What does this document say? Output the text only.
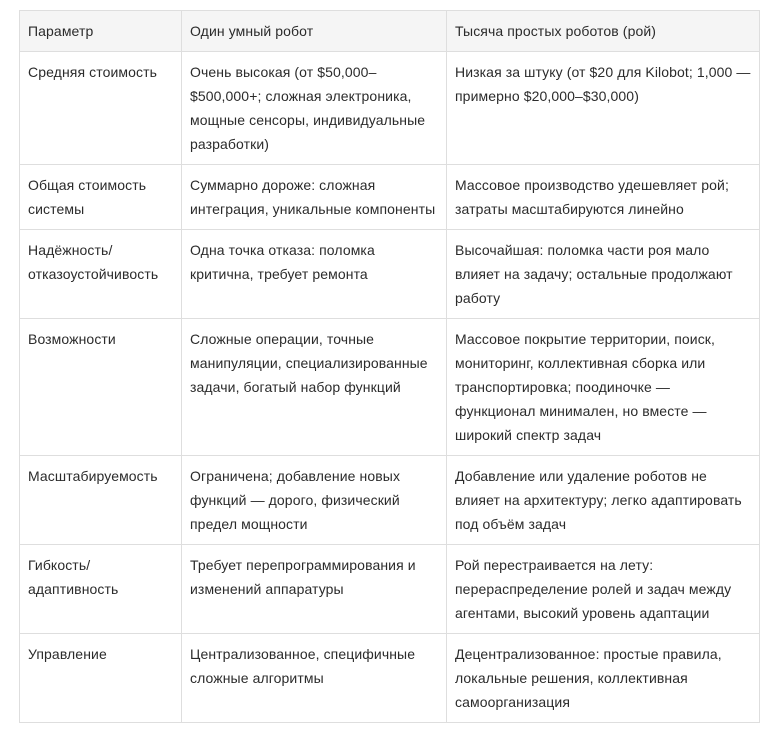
Параметр	Один умный робот	Тысяча простых роботов (рой)
Средняя стоимость	Очень высокая (от $50,000–$500,000+; сложная электроника, мощные сенсоры, индивидуальные разработки)	Низкая за штуку (от $20 для Kilobot; 1,000 — примерно $20,000–$30,000)
Общая стоимость системы	Суммарно дороже: сложная интеграция, уникальные компоненты	Массовое производство удешевляет рой; затраты масштабируются линейно
Надёжность/отказоустойчивость	Одна точка отказа: поломка критична, требует ремонта	Высочайшая: поломка части роя мало влияет на задачу; остальные продолжают работу
Возможности	Сложные операции, точные манипуляции, специализированные задачи, богатый набор функций	Массовое покрытие территории, поиск, мониторинг, коллективная сборка или транспортировка; поодиночке — функционал минимален, но вместе — широкий спектр задач
Масштабируемость	Ограничена; добавление новых функций — дорого, физический предел мощности	Добавление или удаление роботов не влияет на архитектуру; легко адаптировать под объём задач
Гибкость/адаптивность	Требует перепрограммирования и изменений аппаратуры	Рой перестраивается на лету: перераспределение ролей и задач между агентами, высокий уровень адаптации
Управление	Централизованное, специфичные сложные алгоритмы	Децентрализованное: простые правила, локальные решения, коллективная самоорганизация
